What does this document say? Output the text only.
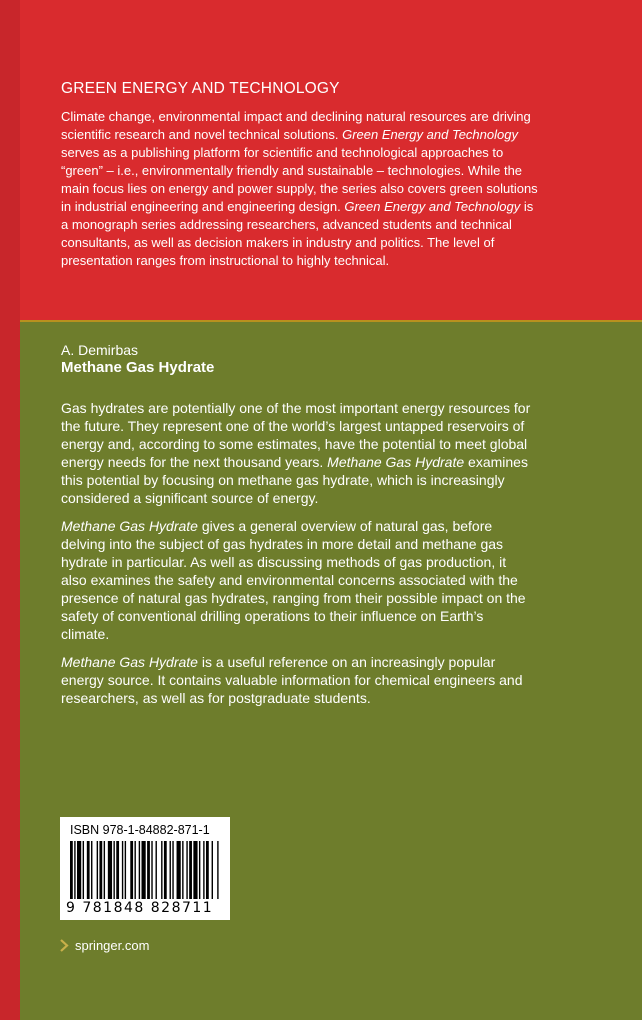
GREEN ENERGY AND TECHNOLOGY

Climate change, environmental impact and declining natural resources are driving scientific research and novel technical solutions. Green Energy and Technology serves as a publishing platform for scientific and technological approaches to “green” – i.e., environmentally friendly and sustainable – technologies. While the main focus lies on energy and power supply, the series also covers green solutions in industrial engineering and engineering design. Green Energy and Technology is a monograph series addressing researchers, advanced students and technical consultants, as well as decision makers in industry and politics. The level of presentation ranges from instructional to highly technical.

A. Demirbas

Methane Gas Hydrate

Gas hydrates are potentially one of the most important energy resources for the future. They represent one of the world’s largest untapped reservoirs of energy and, according to some estimates, have the potential to meet global energy needs for the next thousand years. Methane Gas Hydrate examines this potential by focusing on methane gas hydrate, which is increasingly considered a significant source of energy.

Methane Gas Hydrate gives a general overview of natural gas, before delving into the subject of gas hydrates in more detail and methane gas hydrate in particular. As well as discussing methods of gas production, it also examines the safety and environmental concerns associated with the presence of natural gas hydrates, ranging from their possible impact on the safety of conventional drilling operations to their influence on Earth’s climate.

Methane Gas Hydrate is a useful reference on an increasingly popular energy source. It contains valuable information for chemical engineers and researchers, as well as for postgraduate students.

ISBN 978-1-84882-871-1

9 781848 828711
springer.com
